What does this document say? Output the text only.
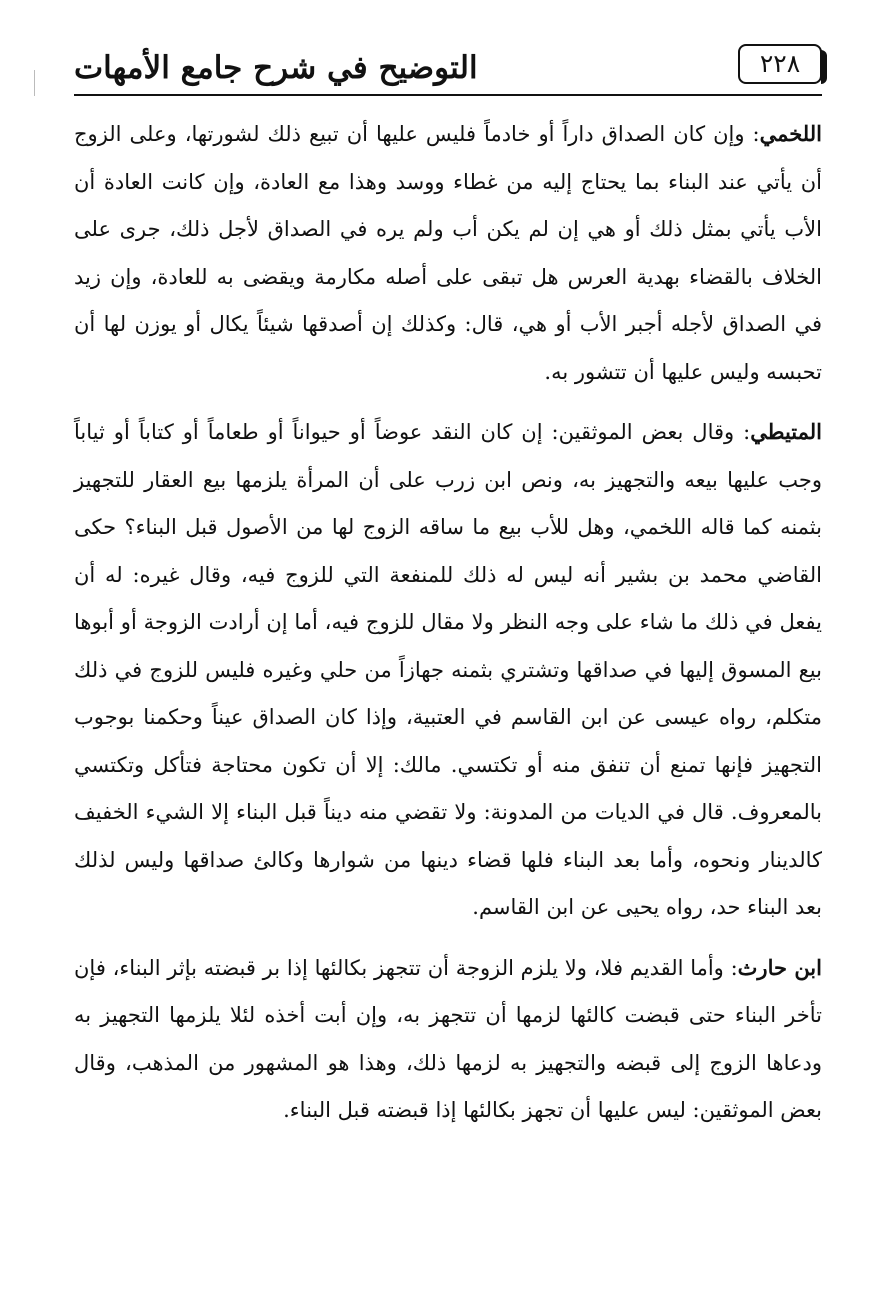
٢٢٨
التوضيح في شرح جامع الأمهات

اللخمي: وإن كان الصداق داراً أو خادماً فليس عليها أن تبيع ذلك لشورتها، وعلى الزوج أن يأتي عند البناء بما يحتاج إليه من غطاء ووسد وهذا مع العادة، وإن كانت العادة أن الأب يأتي بمثل ذلك أو هي إن لم يكن أب ولم يره في الصداق لأجل ذلك، جرى على الخلاف بالقضاء بهدية العرس هل تبقى على أصله مكارمة ويقضى به للعادة، وإن زيد في الصداق لأجله أجبر الأب أو هي، قال: وكذلك إن أصدقها شيئاً يكال أو يوزن لها أن تحبسه وليس عليها أن تتشور به.

المتيطي: وقال بعض الموثقين: إن كان النقد عوضاً أو حيواناً أو طعاماً أو كتاباً أو ثياباً وجب عليها بيعه والتجهيز به، ونص ابن زرب على أن المرأة يلزمها بيع العقار للتجهيز بثمنه كما قاله اللخمي، وهل للأب بيع ما ساقه الزوج لها من الأصول قبل البناء؟ حكى القاضي محمد بن بشير أنه ليس له ذلك للمنفعة التي للزوج فيه، وقال غيره: له أن يفعل في ذلك ما شاء على وجه النظر ولا مقال للزوج فيه، أما إن أرادت الزوجة أو أبوها بيع المسوق إليها في صداقها وتشتري بثمنه جهازاً من حلي وغيره فليس للزوج في ذلك متكلم، رواه عيسى عن ابن القاسم في العتبية، وإذا كان الصداق عيناً وحكمنا بوجوب التجهيز فإنها تمنع أن تنفق منه أو تكتسي. مالك: إلا أن تكون محتاجة فتأكل وتكتسي بالمعروف. قال في الديات من المدونة: ولا تقضي منه ديناً قبل البناء إلا الشيء الخفيف كالدينار ونحوه، وأما بعد البناء فلها قضاء دينها من شوارها وكالئ صداقها وليس لذلك بعد البناء حد، رواه يحيى عن ابن القاسم.

ابن حارث: وأما القديم فلا، ولا يلزم الزوجة أن تتجهز بكالئها إذا بر قبضته بإثر البناء، فإن تأخر البناء حتى قبضت كالئها لزمها أن تتجهز به، وإن أبت أخذه لئلا يلزمها التجهيز به ودعاها الزوج إلى قبضه والتجهيز به لزمها ذلك، وهذا هو المشهور من المذهب، وقال بعض الموثقين: ليس عليها أن تجهز بكالئها إذا قبضته قبل البناء.
